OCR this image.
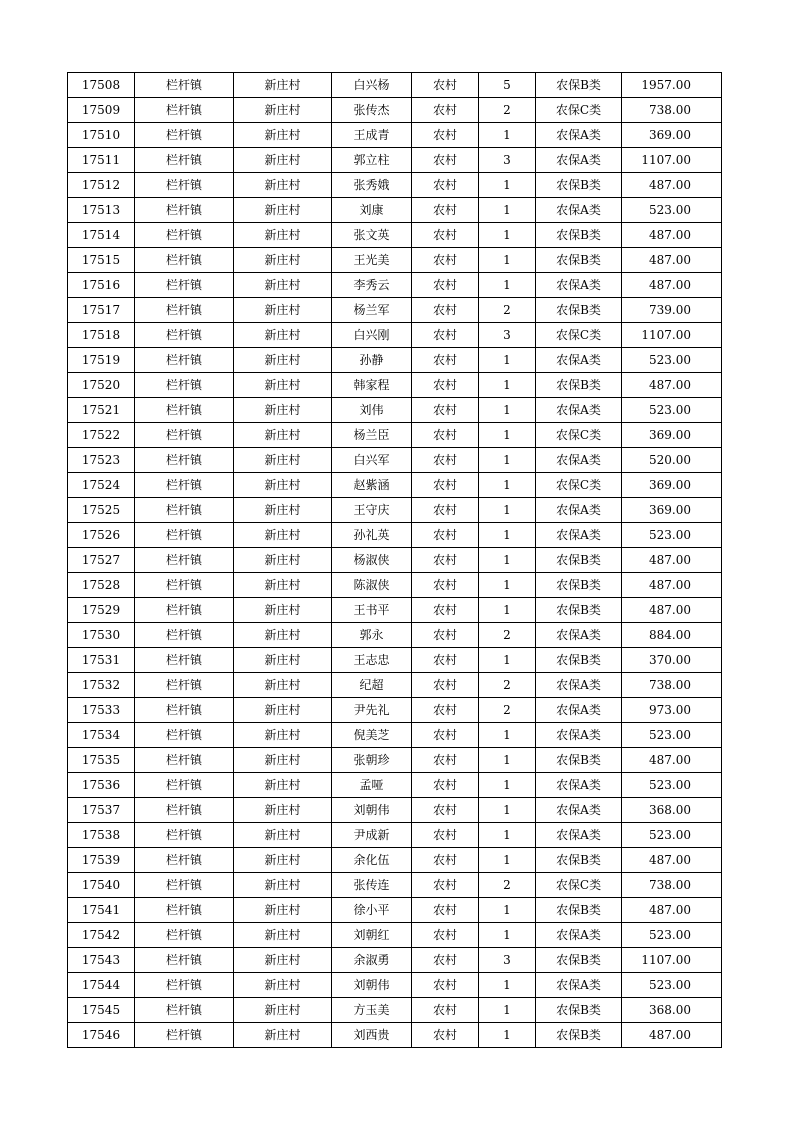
17508	栏杆镇	新庄村	白兴杨	农村	5	农保B类	1957.00
17509	栏杆镇	新庄村	张传杰	农村	2	农保C类	738.00
17510	栏杆镇	新庄村	王成青	农村	1	农保A类	369.00
17511	栏杆镇	新庄村	郭立柱	农村	3	农保A类	1107.00
17512	栏杆镇	新庄村	张秀娥	农村	1	农保B类	487.00
17513	栏杆镇	新庄村	刘康	农村	1	农保A类	523.00
17514	栏杆镇	新庄村	张文英	农村	1	农保B类	487.00
17515	栏杆镇	新庄村	王光美	农村	1	农保B类	487.00
17516	栏杆镇	新庄村	李秀云	农村	1	农保A类	487.00
17517	栏杆镇	新庄村	杨兰军	农村	2	农保B类	739.00
17518	栏杆镇	新庄村	白兴刚	农村	3	农保C类	1107.00
17519	栏杆镇	新庄村	孙静	农村	1	农保A类	523.00
17520	栏杆镇	新庄村	韩家程	农村	1	农保B类	487.00
17521	栏杆镇	新庄村	刘伟	农村	1	农保A类	523.00
17522	栏杆镇	新庄村	杨兰臣	农村	1	农保C类	369.00
17523	栏杆镇	新庄村	白兴军	农村	1	农保A类	520.00
17524	栏杆镇	新庄村	赵紫涵	农村	1	农保C类	369.00
17525	栏杆镇	新庄村	王守庆	农村	1	农保A类	369.00
17526	栏杆镇	新庄村	孙礼英	农村	1	农保A类	523.00
17527	栏杆镇	新庄村	杨淑侠	农村	1	农保B类	487.00
17528	栏杆镇	新庄村	陈淑侠	农村	1	农保B类	487.00
17529	栏杆镇	新庄村	王书平	农村	1	农保B类	487.00
17530	栏杆镇	新庄村	郭永	农村	2	农保A类	884.00
17531	栏杆镇	新庄村	王志忠	农村	1	农保B类	370.00
17532	栏杆镇	新庄村	纪超	农村	2	农保A类	738.00
17533	栏杆镇	新庄村	尹先礼	农村	2	农保A类	973.00
17534	栏杆镇	新庄村	倪美芝	农村	1	农保A类	523.00
17535	栏杆镇	新庄村	张朝珍	农村	1	农保B类	487.00
17536	栏杆镇	新庄村	孟哑	农村	1	农保A类	523.00
17537	栏杆镇	新庄村	刘朝伟	农村	1	农保A类	368.00
17538	栏杆镇	新庄村	尹成新	农村	1	农保A类	523.00
17539	栏杆镇	新庄村	余化伍	农村	1	农保B类	487.00
17540	栏杆镇	新庄村	张传连	农村	2	农保C类	738.00
17541	栏杆镇	新庄村	徐小平	农村	1	农保B类	487.00
17542	栏杆镇	新庄村	刘朝红	农村	1	农保A类	523.00
17543	栏杆镇	新庄村	余淑勇	农村	3	农保B类	1107.00
17544	栏杆镇	新庄村	刘朝伟	农村	1	农保A类	523.00
17545	栏杆镇	新庄村	方玉美	农村	1	农保B类	368.00
17546	栏杆镇	新庄村	刘西贵	农村	1	农保B类	487.00
